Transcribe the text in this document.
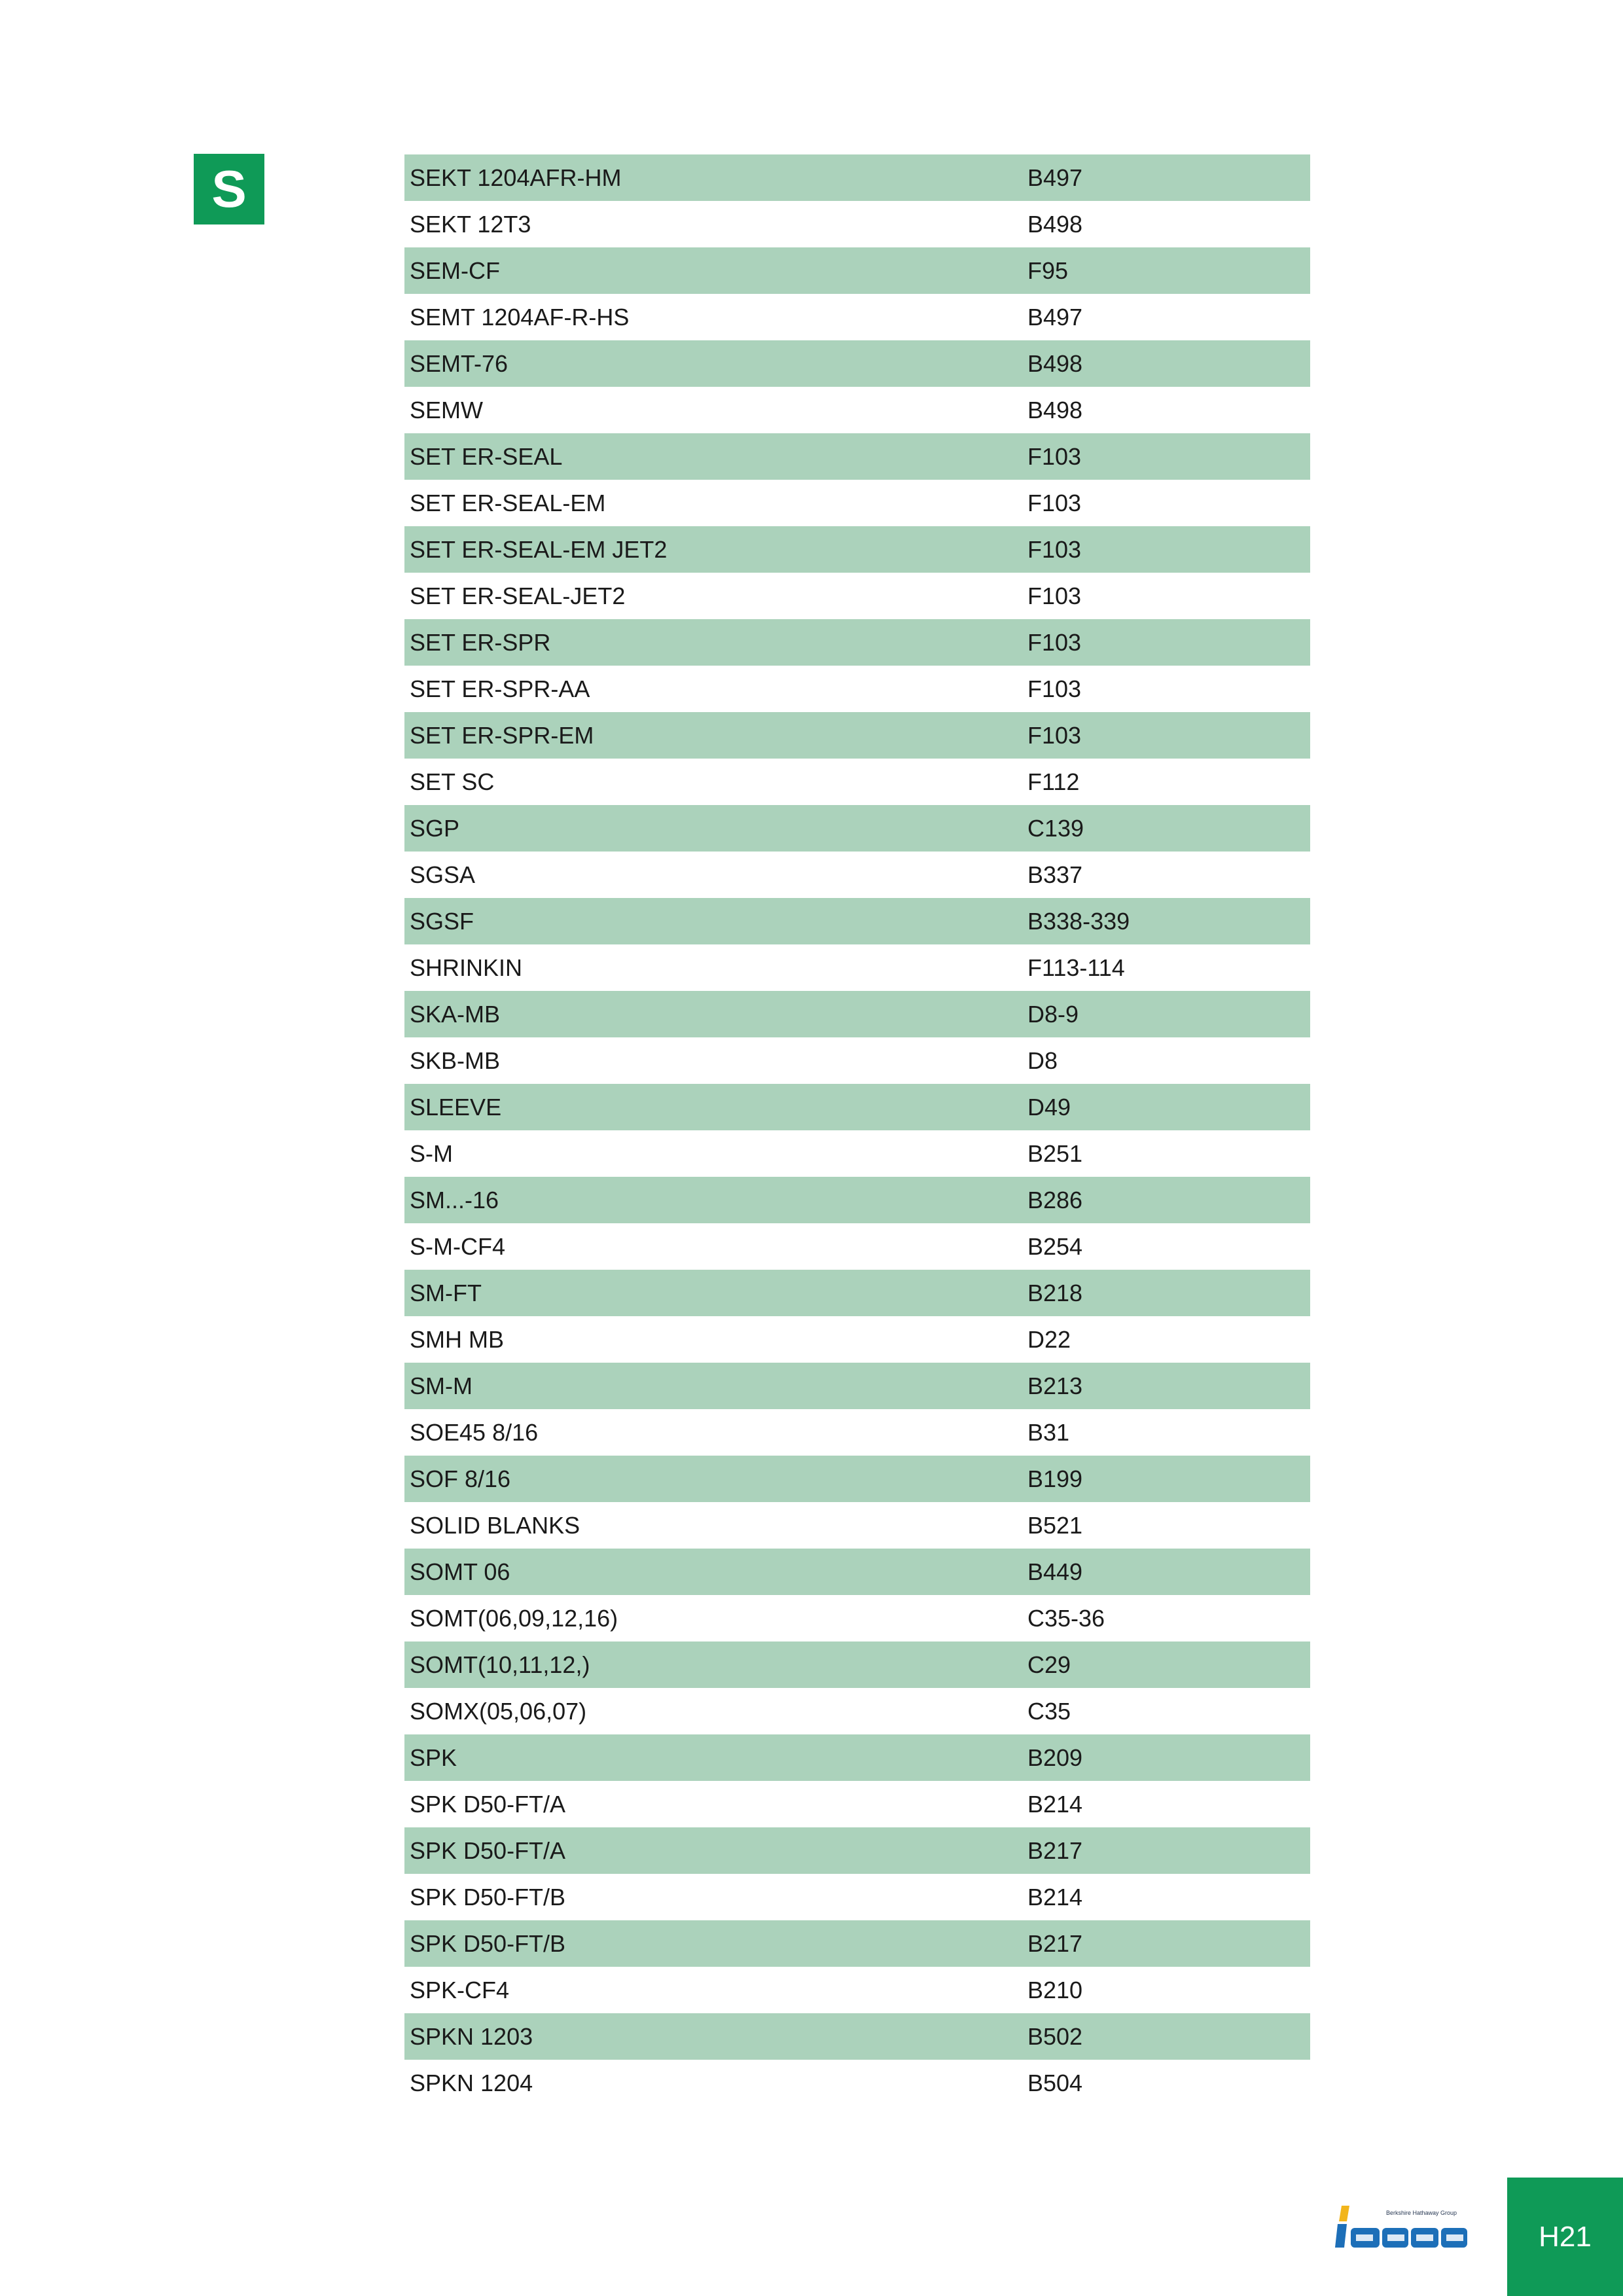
S	SEKT 1204AFR-HM	B497
SEKT 12T3	B498
SEM-CF	F95
SEMT 1204AF-R-HS	B497
SEMT-76	B498
SEMW	B498
SET ER-SEAL	F103
SET ER-SEAL-EM	F103
SET ER-SEAL-EM JET2	F103
SET ER-SEAL-JET2	F103
SET ER-SPR	F103
SET ER-SPR-AA	F103
SET ER-SPR-EM	F103
SET SC	F112
SGP	C139
SGSA	B337
SGSF	B338-339
SHRINKIN	F113-114
SKA-MB	D8-9
SKB-MB	D8
SLEEVE	D49
S-M	B251
SM...-16	B286
S-M-CF4	B254
SM-FT	B218
SMH MB	D22
SM-M	B213
SOE45 8/16	B31
SOF 8/16	B199
SOLID BLANKS	B521
SOMT 06	B449
SOMT(06,09,12,16)	C35-36
SOMT(10,11,12,)	C29
SOMX(05,06,07)	C35
SPK	B209
SPK D50-FT/A	B214
SPK D50-FT/A	B217
SPK D50-FT/B	B214
SPK D50-FT/B	B217
SPK-CF4	B210
SPKN 1203	B502
SPKN 1204	B504
Berkshire Hathaway Group
H21
